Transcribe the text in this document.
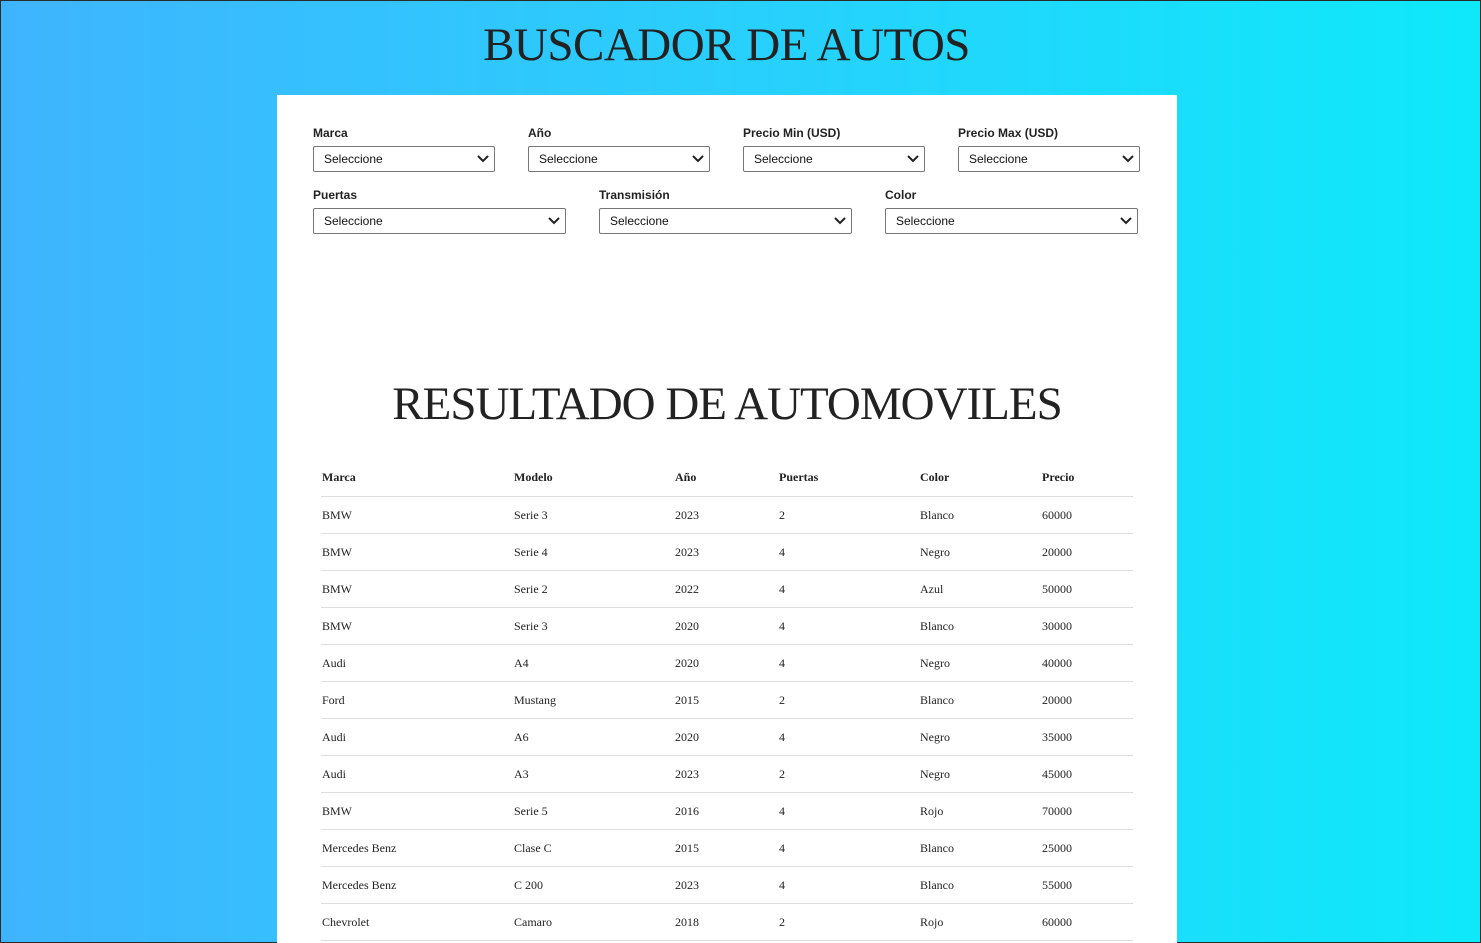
BUSCADOR DE AUTOS
Marca
Seleccione
Año
Seleccione
Precio Min (USD)
Seleccione
Precio Max (USD)
Seleccione
Puertas
Seleccione
Transmisión
Seleccione
Color
Seleccione
RESULTADO DE AUTOMOVILES
Marca	Modelo	Año	Puertas	Color	Precio
BMW	Serie 3	2023	2	Blanco	60000
BMW	Serie 4	2023	4	Negro	20000
BMW	Serie 2	2022	4	Azul	50000
BMW	Serie 3	2020	4	Blanco	30000
Audi	A4	2020	4	Negro	40000
Ford	Mustang	2015	2	Blanco	20000
Audi	A6	2020	4	Negro	35000
Audi	A3	2023	2	Negro	45000
BMW	Serie 5	2016	4	Rojo	70000
Mercedes Benz	Clase C	2015	4	Blanco	25000
Mercedes Benz	C 200	2023	4	Blanco	55000
Chevrolet	Camaro	2018	2	Rojo	60000
